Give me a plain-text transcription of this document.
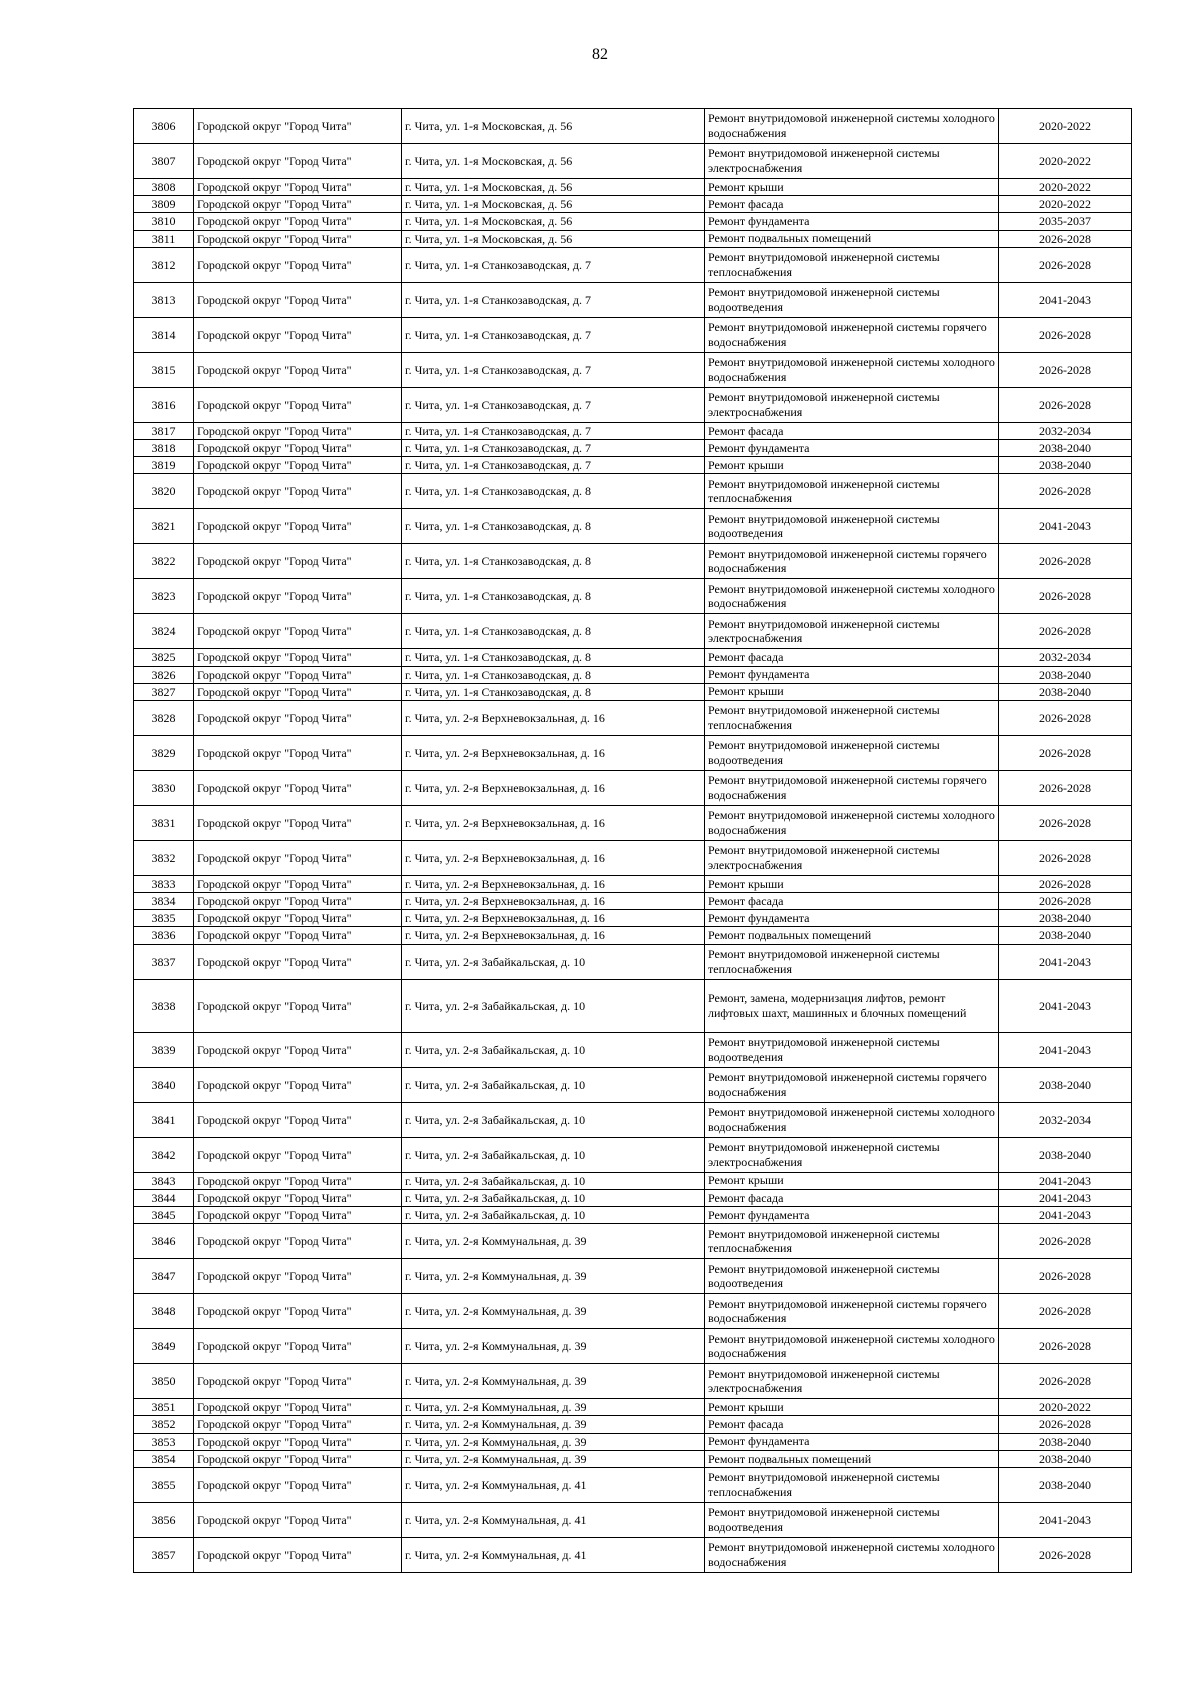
82
3806	Городской округ "Город Чита"	г. Чита, ул. 1-я Московская, д. 56	Ремонт внутридомовой инженерной системы холодного водоснабжения	2020-2022
3807	Городской округ "Город Чита"	г. Чита, ул. 1-я Московская, д. 56	Ремонт внутридомовой инженерной системы электроснабжения	2020-2022
3808	Городской округ "Город Чита"	г. Чита, ул. 1-я Московская, д. 56	Ремонт крыши	2020-2022
3809	Городской округ "Город Чита"	г. Чита, ул. 1-я Московская, д. 56	Ремонт фасада	2020-2022
3810	Городской округ "Город Чита"	г. Чита, ул. 1-я Московская, д. 56	Ремонт фундамента	2035-2037
3811	Городской округ "Город Чита"	г. Чита, ул. 1-я Московская, д. 56	Ремонт подвальных помещений	2026-2028
3812	Городской округ "Город Чита"	г. Чита, ул. 1-я Станкозаводская, д. 7	Ремонт внутридомовой инженерной системы теплоснабжения	2026-2028
3813	Городской округ "Город Чита"	г. Чита, ул. 1-я Станкозаводская, д. 7	Ремонт внутридомовой инженерной системы водоотведения	2041-2043
3814	Городской округ "Город Чита"	г. Чита, ул. 1-я Станкозаводская, д. 7	Ремонт внутридомовой инженерной системы горячего водоснабжения	2026-2028
3815	Городской округ "Город Чита"	г. Чита, ул. 1-я Станкозаводская, д. 7	Ремонт внутридомовой инженерной системы холодного водоснабжения	2026-2028
3816	Городской округ "Город Чита"	г. Чита, ул. 1-я Станкозаводская, д. 7	Ремонт внутридомовой инженерной системы электроснабжения	2026-2028
3817	Городской округ "Город Чита"	г. Чита, ул. 1-я Станкозаводская, д. 7	Ремонт фасада	2032-2034
3818	Городской округ "Город Чита"	г. Чита, ул. 1-я Станкозаводская, д. 7	Ремонт фундамента	2038-2040
3819	Городской округ "Город Чита"	г. Чита, ул. 1-я Станкозаводская, д. 7	Ремонт крыши	2038-2040
3820	Городской округ "Город Чита"	г. Чита, ул. 1-я Станкозаводская, д. 8	Ремонт внутридомовой инженерной системы теплоснабжения	2026-2028
3821	Городской округ "Город Чита"	г. Чита, ул. 1-я Станкозаводская, д. 8	Ремонт внутридомовой инженерной системы водоотведения	2041-2043
3822	Городской округ "Город Чита"	г. Чита, ул. 1-я Станкозаводская, д. 8	Ремонт внутридомовой инженерной системы горячего водоснабжения	2026-2028
3823	Городской округ "Город Чита"	г. Чита, ул. 1-я Станкозаводская, д. 8	Ремонт внутридомовой инженерной системы холодного водоснабжения	2026-2028
3824	Городской округ "Город Чита"	г. Чита, ул. 1-я Станкозаводская, д. 8	Ремонт внутридомовой инженерной системы электроснабжения	2026-2028
3825	Городской округ "Город Чита"	г. Чита, ул. 1-я Станкозаводская, д. 8	Ремонт фасада	2032-2034
3826	Городской округ "Город Чита"	г. Чита, ул. 1-я Станкозаводская, д. 8	Ремонт фундамента	2038-2040
3827	Городской округ "Город Чита"	г. Чита, ул. 1-я Станкозаводская, д. 8	Ремонт крыши	2038-2040
3828	Городской округ "Город Чита"	г. Чита, ул. 2-я Верхневокзальная, д. 16	Ремонт внутридомовой инженерной системы теплоснабжения	2026-2028
3829	Городской округ "Город Чита"	г. Чита, ул. 2-я Верхневокзальная, д. 16	Ремонт внутридомовой инженерной системы водоотведения	2026-2028
3830	Городской округ "Город Чита"	г. Чита, ул. 2-я Верхневокзальная, д. 16	Ремонт внутридомовой инженерной системы горячего водоснабжения	2026-2028
3831	Городской округ "Город Чита"	г. Чита, ул. 2-я Верхневокзальная, д. 16	Ремонт внутридомовой инженерной системы холодного водоснабжения	2026-2028
3832	Городской округ "Город Чита"	г. Чита, ул. 2-я Верхневокзальная, д. 16	Ремонт внутридомовой инженерной системы электроснабжения	2026-2028
3833	Городской округ "Город Чита"	г. Чита, ул. 2-я Верхневокзальная, д. 16	Ремонт крыши	2026-2028
3834	Городской округ "Город Чита"	г. Чита, ул. 2-я Верхневокзальная, д. 16	Ремонт фасада	2026-2028
3835	Городской округ "Город Чита"	г. Чита, ул. 2-я Верхневокзальная, д. 16	Ремонт фундамента	2038-2040
3836	Городской округ "Город Чита"	г. Чита, ул. 2-я Верхневокзальная, д. 16	Ремонт подвальных помещений	2038-2040
3837	Городской округ "Город Чита"	г. Чита, ул. 2-я Забайкальская, д. 10	Ремонт внутридомовой инженерной системы теплоснабжения	2041-2043
3838	Городской округ "Город Чита"	г. Чита, ул. 2-я Забайкальская, д. 10	Ремонт, замена, модернизация лифтов, ремонт лифтовых шахт, машинных и блочных помещений	2041-2043
3839	Городской округ "Город Чита"	г. Чита, ул. 2-я Забайкальская, д. 10	Ремонт внутридомовой инженерной системы водоотведения	2041-2043
3840	Городской округ "Город Чита"	г. Чита, ул. 2-я Забайкальская, д. 10	Ремонт внутридомовой инженерной системы горячего водоснабжения	2038-2040
3841	Городской округ "Город Чита"	г. Чита, ул. 2-я Забайкальская, д. 10	Ремонт внутридомовой инженерной системы холодного водоснабжения	2032-2034
3842	Городской округ "Город Чита"	г. Чита, ул. 2-я Забайкальская, д. 10	Ремонт внутридомовой инженерной системы электроснабжения	2038-2040
3843	Городской округ "Город Чита"	г. Чита, ул. 2-я Забайкальская, д. 10	Ремонт крыши	2041-2043
3844	Городской округ "Город Чита"	г. Чита, ул. 2-я Забайкальская, д. 10	Ремонт фасада	2041-2043
3845	Городской округ "Город Чита"	г. Чита, ул. 2-я Забайкальская, д. 10	Ремонт фундамента	2041-2043
3846	Городской округ "Город Чита"	г. Чита, ул. 2-я Коммунальная, д. 39	Ремонт внутридомовой инженерной системы теплоснабжения	2026-2028
3847	Городской округ "Город Чита"	г. Чита, ул. 2-я Коммунальная, д. 39	Ремонт внутридомовой инженерной системы водоотведения	2026-2028
3848	Городской округ "Город Чита"	г. Чита, ул. 2-я Коммунальная, д. 39	Ремонт внутридомовой инженерной системы горячего водоснабжения	2026-2028
3849	Городской округ "Город Чита"	г. Чита, ул. 2-я Коммунальная, д. 39	Ремонт внутридомовой инженерной системы холодного водоснабжения	2026-2028
3850	Городской округ "Город Чита"	г. Чита, ул. 2-я Коммунальная, д. 39	Ремонт внутридомовой инженерной системы электроснабжения	2026-2028
3851	Городской округ "Город Чита"	г. Чита, ул. 2-я Коммунальная, д. 39	Ремонт крыши	2020-2022
3852	Городской округ "Город Чита"	г. Чита, ул. 2-я Коммунальная, д. 39	Ремонт фасада	2026-2028
3853	Городской округ "Город Чита"	г. Чита, ул. 2-я Коммунальная, д. 39	Ремонт фундамента	2038-2040
3854	Городской округ "Город Чита"	г. Чита, ул. 2-я Коммунальная, д. 39	Ремонт подвальных помещений	2038-2040
3855	Городской округ "Город Чита"	г. Чита, ул. 2-я Коммунальная, д. 41	Ремонт внутридомовой инженерной системы теплоснабжения	2038-2040
3856	Городской округ "Город Чита"	г. Чита, ул. 2-я Коммунальная, д. 41	Ремонт внутридомовой инженерной системы водоотведения	2041-2043
3857	Городской округ "Город Чита"	г. Чита, ул. 2-я Коммунальная, д. 41	Ремонт внутридомовой инженерной системы холодного водоснабжения	2026-2028
